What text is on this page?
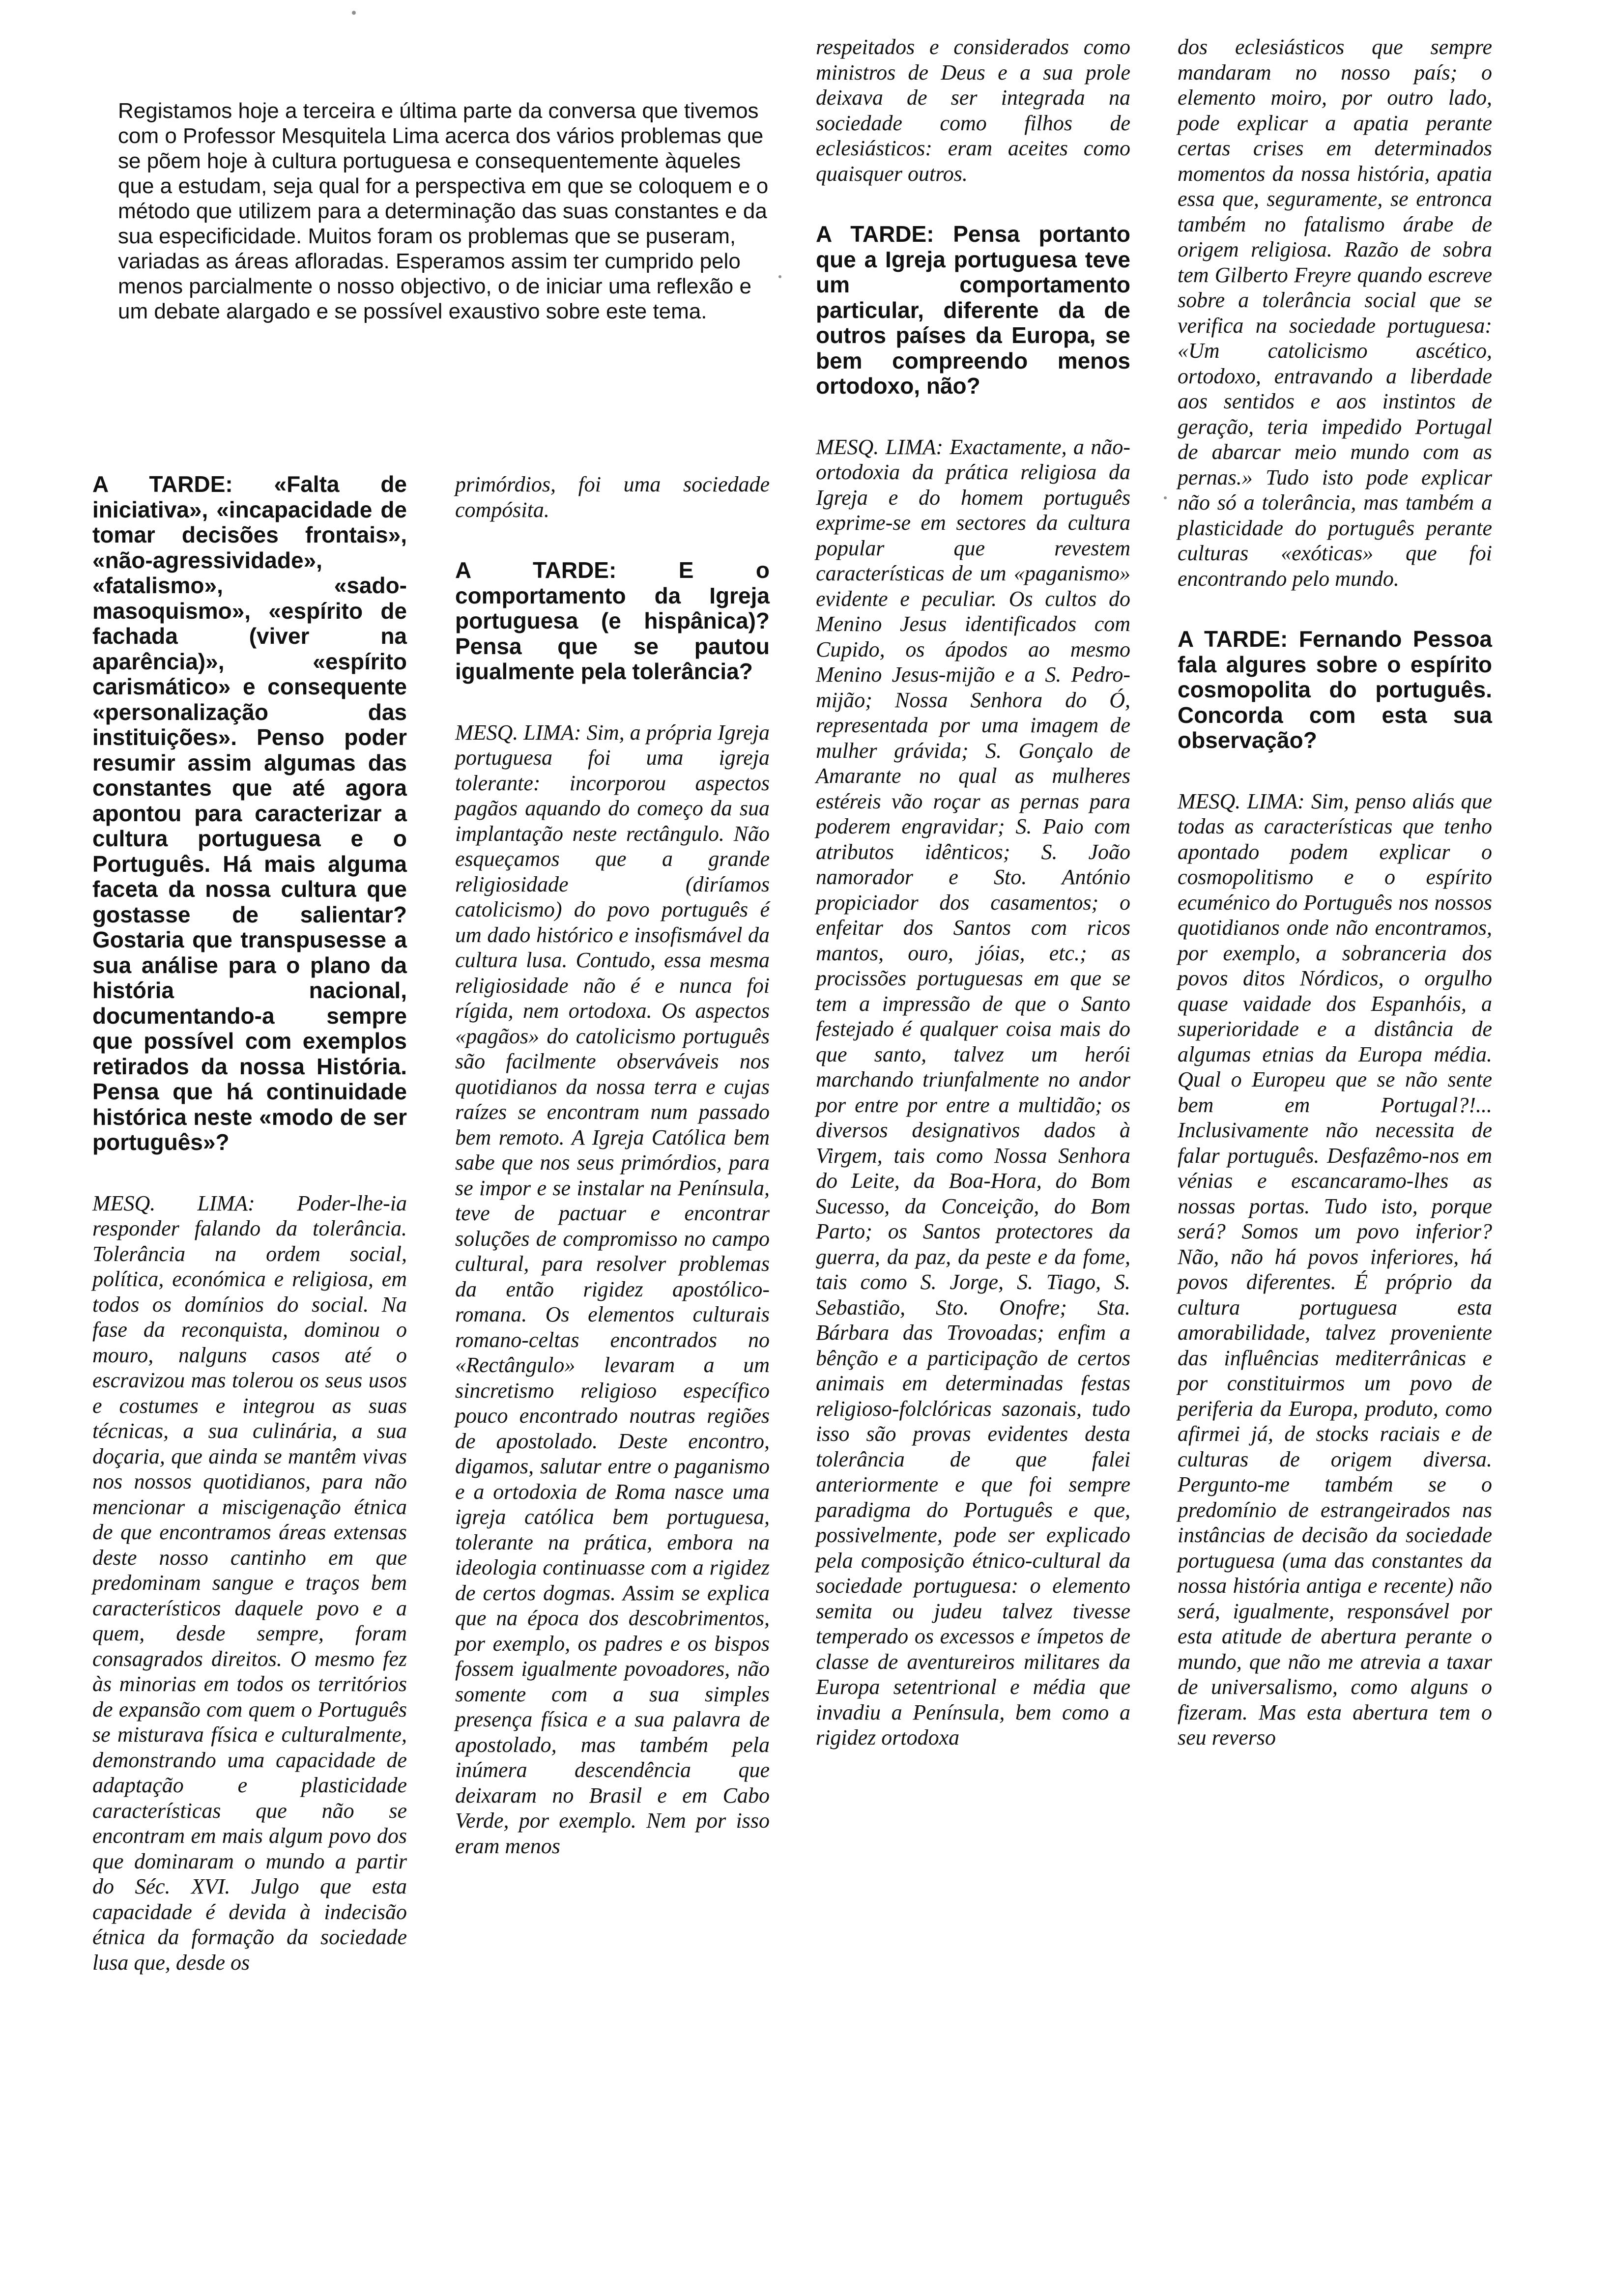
Registamos hoje a terceira e última parte da conversa que tivemos com o Professor Mesquitela Lima acerca dos vários problemas que se põem hoje à cultura portuguesa e consequentemente àqueles que a estudam, seja qual for a perspectiva em que se coloquem e o método que utilizem para a determinação das suas constantes e da sua especificidade. Muitos foram os problemas que se puseram, variadas as áreas afloradas. Esperamos assim ter cumprido pelo menos parcialmente o nosso objectivo, o de iniciar uma reflexão e um debate alargado e se possível exaustivo sobre este tema.

A TARDE: «Falta de iniciativa», «incapacidade de tomar decisões frontais», «não-agressividade», «fatalismo», «sado-masoquismo», «espírito de fachada (viver na aparência)», «espírito carismático» e consequente «personalização das instituições». Penso poder resumir assim algumas das constantes que até agora apontou para caracterizar a cultura portuguesa e o Português. Há mais alguma faceta da nossa cultura que gostasse de salientar? Gostaria que transpusesse a sua análise para o plano da história nacional, documentando-a sempre que possível com exemplos retirados da nossa História. Pensa que há continuidade histórica neste «modo de ser português»?

MESQ. LIMA: Poder-lhe-ia responder falando da tolerância. Tolerância na ordem social, política, económica e religiosa, em todos os domínios do social. Na fase da reconquista, dominou o mouro, nalguns casos até o escravizou mas tolerou os seus usos e costumes e integrou as suas técnicas, a sua culinária, a sua doçaria, que ainda se mantêm vivas nos nossos quotidianos, para não mencionar a miscigenação étnica de que encontramos áreas extensas deste nosso cantinho em que predominam sangue e traços bem característicos daquele povo e a quem, desde sempre, foram consagrados direitos. O mesmo fez às minorias em todos os territórios de expansão com quem o Português se misturava física e culturalmente, demonstrando uma capacidade de adaptação e plasticidade características que não se encontram em mais algum povo dos que dominaram o mundo a partir do Séc. XVI. Julgo que esta capacidade é devida à indecisão étnica da formação da sociedade lusa que, desde os

primórdios, foi uma sociedade compósita.

A TARDE: E o comportamento da Igreja portuguesa (e hispânica)? Pensa que se pautou igualmente pela tolerância?

MESQ. LIMA: Sim, a própria Igreja portuguesa foi uma igreja tolerante: incorporou aspectos pagãos aquando do começo da sua implantação neste rectângulo. Não esqueçamos que a grande religiosidade (diríamos catolicismo) do povo português é um dado histórico e insofismável da cultura lusa. Contudo, essa mesma religiosidade não é e nunca foi rígida, nem ortodoxa. Os aspectos «pagãos» do catolicismo português são facilmente observáveis nos quotidianos da nossa terra e cujas raízes se encontram num passado bem remoto. A Igreja Católica bem sabe que nos seus primórdios, para se impor e se instalar na Península, teve de pactuar e encontrar soluções de compromisso no campo cultural, para resolver problemas da então rigidez apostólico-romana. Os elementos culturais romano-celtas encontrados no «Rectângulo» levaram a um sincretismo religioso específico pouco encontrado noutras regiões de apostolado. Deste encontro, digamos, salutar entre o paganismo e a ortodoxia de Roma nasce uma igreja católica bem portuguesa, tolerante na prática, embora na ideologia continuasse com a rigidez de certos dogmas. Assim se explica que na época dos descobrimentos, por exemplo, os padres e os bispos fossem igualmente povoadores, não somente com a sua simples presença física e a sua palavra de apostolado, mas também pela inúmera descendência que deixaram no Brasil e em Cabo Verde, por exemplo. Nem por isso eram menos

respeitados e considerados como ministros de Deus e a sua prole deixava de ser integrada na sociedade como filhos de eclesiásticos: eram aceites como quaisquer outros.

A TARDE: Pensa portanto que a Igreja portuguesa teve um comportamento particular, diferente da de outros países da Europa, se bem compreendo menos ortodoxo, não?

MESQ. LIMA: Exactamente, a não-ortodoxia da prática religiosa da Igreja e do homem português exprime-se em sectores da cultura popular que revestem características de um «paganismo» evidente e peculiar. Os cultos do Menino Jesus identificados com Cupido, os ápodos ao mesmo Menino Jesus-mijão e a S. Pedro-mijão; Nossa Senhora do Ó, representada por uma imagem de mulher grávida; S. Gonçalo de Amarante no qual as mulheres estéreis vão roçar as pernas para poderem engravidar; S. Paio com atributos idênticos; S. João namorador e Sto. António propiciador dos casamentos; o enfeitar dos Santos com ricos mantos, ouro, jóias, etc.; as procissões portuguesas em que se tem a impressão de que o Santo festejado é qualquer coisa mais do que santo, talvez um herói marchando triunfalmente no andor por entre por entre a multidão; os diversos designativos dados à Virgem, tais como Nossa Senhora do Leite, da Boa-Hora, do Bom Sucesso, da Conceição, do Bom Parto; os Santos protectores da guerra, da paz, da peste e da fome, tais como S. Jorge, S. Tiago, S. Sebastião, Sto. Onofre; Sta. Bárbara das Trovoadas; enfim a bênção e a participação de certos animais em determinadas festas religioso-folclóricas sazonais, tudo isso são provas evidentes desta tolerância de que falei anteriormente e que foi sempre paradigma do Português e que, possivelmente, pode ser explicado pela composição étnico-cultural da sociedade portuguesa: o elemento semita ou judeu talvez tivesse temperado os excessos e ímpetos de classe de aventureiros militares da Europa setentrional e média que invadiu a Península, bem como a rigidez ortodoxa

dos eclesiásticos que sempre mandaram no nosso país; o elemento moiro, por outro lado, pode explicar a apatia perante certas crises em determinados momentos da nossa história, apatia essa que, seguramente, se entronca também no fatalismo árabe de origem religiosa. Razão de sobra tem Gilberto Freyre quando escreve sobre a tolerância social que se verifica na sociedade portuguesa: «Um catolicismo ascético, ortodoxo, entravando a liberdade aos sentidos e aos instintos de geração, teria impedido Portugal de abarcar meio mundo com as pernas.» Tudo isto pode explicar não só a tolerância, mas também a plasticidade do português perante culturas «exóticas» que foi encontrando pelo mundo.

A TARDE: Fernando Pessoa fala algures sobre o espírito cosmopolita do português. Concorda com esta sua observação?

MESQ. LIMA: Sim, penso aliás que todas as características que tenho apontado podem explicar o cosmopolitismo e o espírito ecuménico do Português nos nossos quotidianos onde não encontramos, por exemplo, a sobranceria dos povos ditos Nórdicos, o orgulho quase vaidade dos Espanhóis, a superioridade e a distância de algumas etnias da Europa média. Qual o Europeu que se não sente bem em Portugal?!... Inclusivamente não necessita de falar português. Desfazêmo-nos em vénias e escancaramo-lhes as nossas portas. Tudo isto, porque será? Somos um povo inferior? Não, não há povos inferiores, há povos diferentes. É próprio da cultura portuguesa esta amorabilidade, talvez proveniente das influências mediterrânicas e por constituirmos um povo de periferia da Europa, produto, como afirmei já, de stocks raciais e de culturas de origem diversa. Pergunto-me também se o predomínio de estrangeirados nas instâncias de decisão da sociedade portuguesa (uma das constantes da nossa história antiga e recente) não será, igualmente, responsável por esta atitude de abertura perante o mundo, que não me atrevia a taxar de universalismo, como alguns o fizeram. Mas esta abertura tem o seu reverso
